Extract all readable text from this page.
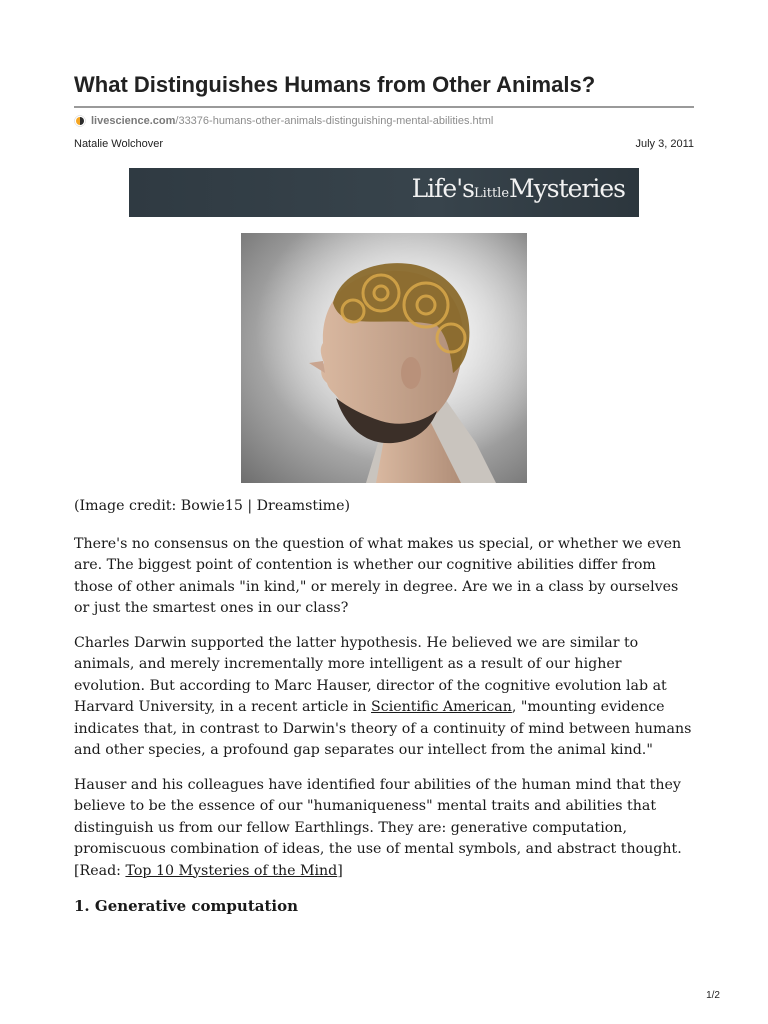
What Distinguishes Humans from Other Animals?
livescience.com/33376-humans-other-animals-distinguishing-mental-abilities.html
Natalie Wolchover	July 3, 2011
Life'sLittleMysteries

(Image credit: Bowie15 | Dreamstime)

There's no consensus on the question of what makes us special, or whether we even are. The biggest point of contention is whether our cognitive abilities differ from those of other animals "in kind," or merely in degree. Are we in a class by ourselves or just the smartest ones in our class?

Charles Darwin supported the latter hypothesis. He believed we are similar to animals, and merely incrementally more intelligent as a result of our higher evolution. But according to Marc Hauser, director of the cognitive evolution lab at Harvard University, in a recent article in Scientific American, "mounting evidence indicates that, in contrast to Darwin's theory of a continuity of mind between humans and other species, a profound gap separates our intellect from the animal kind."

Hauser and his colleagues have identified four abilities of the human mind that they believe to be the essence of our "humaniqueness" mental traits and abilities that distinguish us from our fellow Earthlings. They are: generative computation, promiscuous combination of ideas, the use of mental symbols, and abstract thought. [Read: Top 10 Mysteries of the Mind]

1. Generative computation
1/2
